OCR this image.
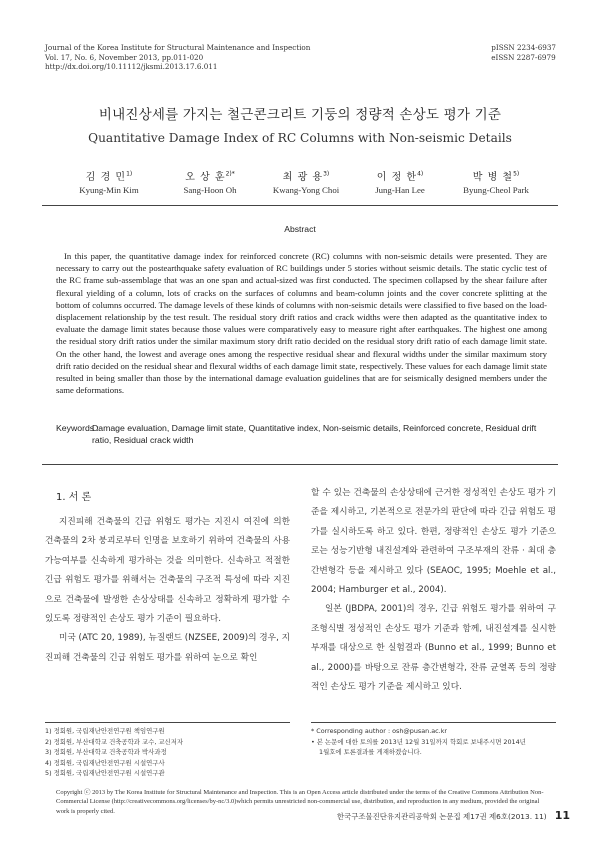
Journal of the Korea Institute for Structural Maintenance and Inspection
Vol. 17, No. 6, November 2013, pp.011-020
http://dx.doi.org/10.11112/jksmi.2013.17.6.011
pISSN 2234-6937
eISSN 2287-6979
비내진상세를 가지는 철근콘크리트 기둥의 정량적 손상도 평가 기준
Quantitative Damage Index of RC Columns with Non-seismic Details
김 경 민$^{1)}$
Kyung-Min Kim
오 상 훈$^{2)*}$
Sang-Hoon Oh
최 광 용$^{3)}$
Kwang-Yong Choi
이 정 한$^{4)}$
Jung-Han Lee
박 병 철$^{5)}$
Byung-Cheol Park
Abstract
In this paper, the quantitative damage index for reinforced concrete (RC) columns with non-seismic details were presented. They are necessary to carry out the postearthquake safety evaluation of RC buildings under 5 stories without seismic details. The static cyclic test of the RC frame sub-assemblage that was an one span and actual-sized was first conducted. The specimen collapsed by the shear failure after flexural yielding of a column, lots of cracks on the surfaces of columns and beam-column joints and the cover concrete splitting at the bottom of columns occurred. The damage levels of these kinds of columns with non-seismic details were classified to five based on the load-displacement relationship by the test result. The residual story drift ratios and crack widths were then adapted as the quantitative index to evaluate the damage limit states because those values were comparatively easy to measure right after earthquakes. The highest one among the residual story drift ratios under the similar maximum story drift ratio decided on the residual story drift ratio of each damage limit state. On the other hand, the lowest and average ones among the respective residual shear and flexural widths under the similar maximum story drift ratio decided on the residual shear and flexural widths of each damage limit state, respectively. These values for each damage limit state resulted in being smaller than those by the international damage evaluation guidelines that are for seismically designed members under the same deformations.
Keywords :
Damage evaluation, Damage limit state, Quantitative index, Non-seismic details, Reinforced concrete, Residual drift ratio, Residual crack width
1. 서 론

지진피해 건축물의 긴급 위험도 평가는 지진시 여진에 의한 건축물의 2차 붕괴로부터 인명을 보호하기 위하여 건축물의 사용가능여부를 신속하게 평가하는 것을 의미한다. 신속하고 적절한 긴급 위험도 평가를 위해서는 건축물의 구조적 특성에 따라 지진으로 건축물에 발생한 손상상태를 신속하고 정확하게 평가할 수 있도록 정량적인 손상도 평가 기준이 필요하다.

미국 (ATC 20, 1989), 뉴질랜드 (NZSEE, 2009)의 경우, 지진피해 건축물의 긴급 위험도 평가를 위하여 눈으로 확인

할 수 있는 건축물의 손상상태에 근거한 정성적인 손상도 평가 기준을 제시하고, 기본적으로 전문가의 판단에 따라 긴급 위험도 평가를 실시하도록 하고 있다. 한편, 정량적인 손상도 평가 기준으로는 성능기반형 내진설계와 관련하여 구조부재의 잔류 · 최대 층간변형각 등을 제시하고 있다 (SEAOC, 1995; Moehle et al., 2004; Hamburger et al., 2004).

일본 (JBDPA, 2001)의 경우, 긴급 위험도 평가를 위하여 구조형식별 정성적인 손상도 평가 기준과 함께, 내진설계를 실시한 부재를 대상으로 한 실험결과 (Bunno et al., 1999; Bunno et al., 2000)를 바탕으로 잔류 층간변형각, 잔류 균열폭 등의 정량적인 손상도 평가 기준을 제시하고 있다.

1) 정회원, 국립재난안전연구원 책임연구원
2) 정회원, 부산대학교 건축공학과 교수, 교신저자
3) 정회원, 부산대학교 건축공학과 박사과정
4) 정회원, 국립재난안전연구원 시설연구사
5) 정회원, 국립재난안전연구원 시설연구관
* Corresponding author : osh@pusan.ac.kr
• 본 논문에 대한 토의를 2013년 12월 31일까지 학회로 보내주시면 2014년
1월호에 토론결과를 게재하겠습니다.
Copyright ⓒ 2013 by The Korea Institute for Structural Maintenance and Inspection. This is an Open Access article distributed under the terms of the Creative Commons Attribution Non-Commercial License (http://creativecommons.org/licenses/by-nc/3.0)which permits unrestricted non-commercial use, distribution, and reproduction in any medium, provided the original work is properly cited.
한국구조물진단유지관리공학회 논문집 제17권 제6호(2013. 11) 11
